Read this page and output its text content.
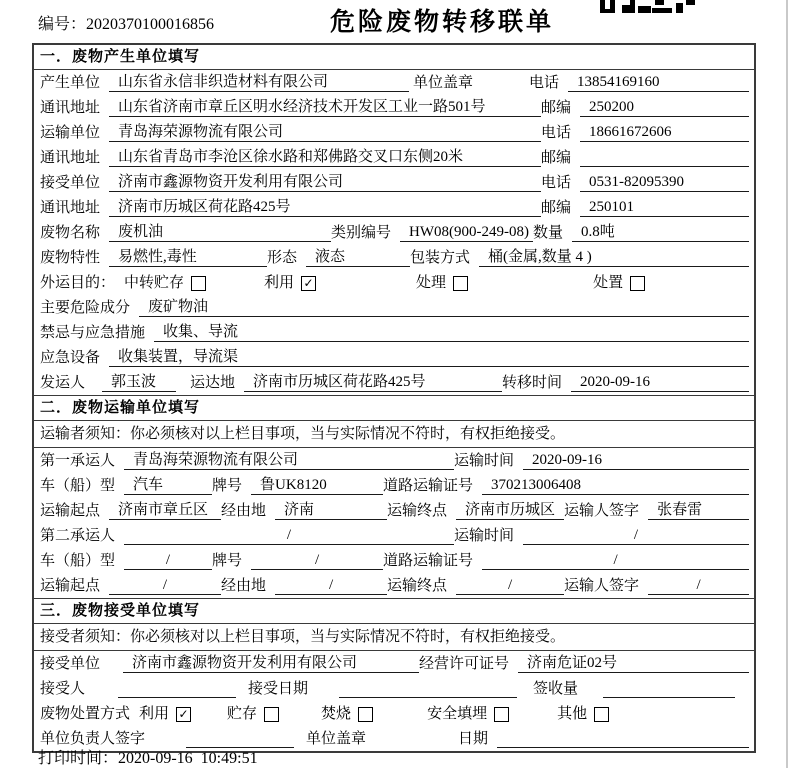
编号：2020370100016856	危险废物转移联单
一．废物产生单位填写
产生单位	山东省永信非织造材料有限公司	单位盖章	电话	13854169160
通讯地址	山东省济南市章丘区明水经济技术开发区工业一路501号	邮编	250200
运输单位	青岛海荣源物流有限公司	电话	18661672606
通讯地址	山东省青岛市李沧区徐水路和郑佛路交叉口东侧20米	邮编
接受单位	济南市鑫源物资开发利用有限公司	电话	0531-82095390
通讯地址	济南市历城区荷花路425号	邮编	250101
废物名称	废机油	类别编号	HW08(900-249-08) 数量	0.8吨
废物特性	易燃性,毒性	形态	液态	包装方式	桶(金属,数量 4 )
外运目的： 中转贮存	利用 ✓	处理	处置
主要危险成分	废矿物油
禁忌与应急措施	收集、导流
应急设备	收集装置，导流渠
发运人	郭玉波	运达地	济南市历城区荷花路425号	转移时间	2020-09-16
二．废物运输单位填写
运输者须知：你必须核对以上栏目事项，当与实际情况不符时，有权拒绝接受。
第一承运人	青岛海荣源物流有限公司	运输时间	2020-09-16
车（船）型	汽车	牌号	鲁UK8120	道路运输证号	370213006408
运输起点	济南市章丘区 经由地	济南	运输终点	济南市历城区 运输人签字	张春雷
第二承运人	/	运输时间	/
车（船）型	/	牌号	/	道路运输证号	/
运输起点	/	经由地	/	运输终点	/	运输人签字	/
三．废物接受单位填写
接受者须知：你必须核对以上栏目事项，当与实际情况不符时，有权拒绝接受。
接受单位	济南市鑫源物资开发利用有限公司	经营许可证号	济南危证02号
接受人	接受日期	签收量
废物处置方式 利用 ✓	贮存	焚烧	安全填埋	其他
单位负责人签字	单位盖章	日期
打印时间：2020-09-16  10:49:51
